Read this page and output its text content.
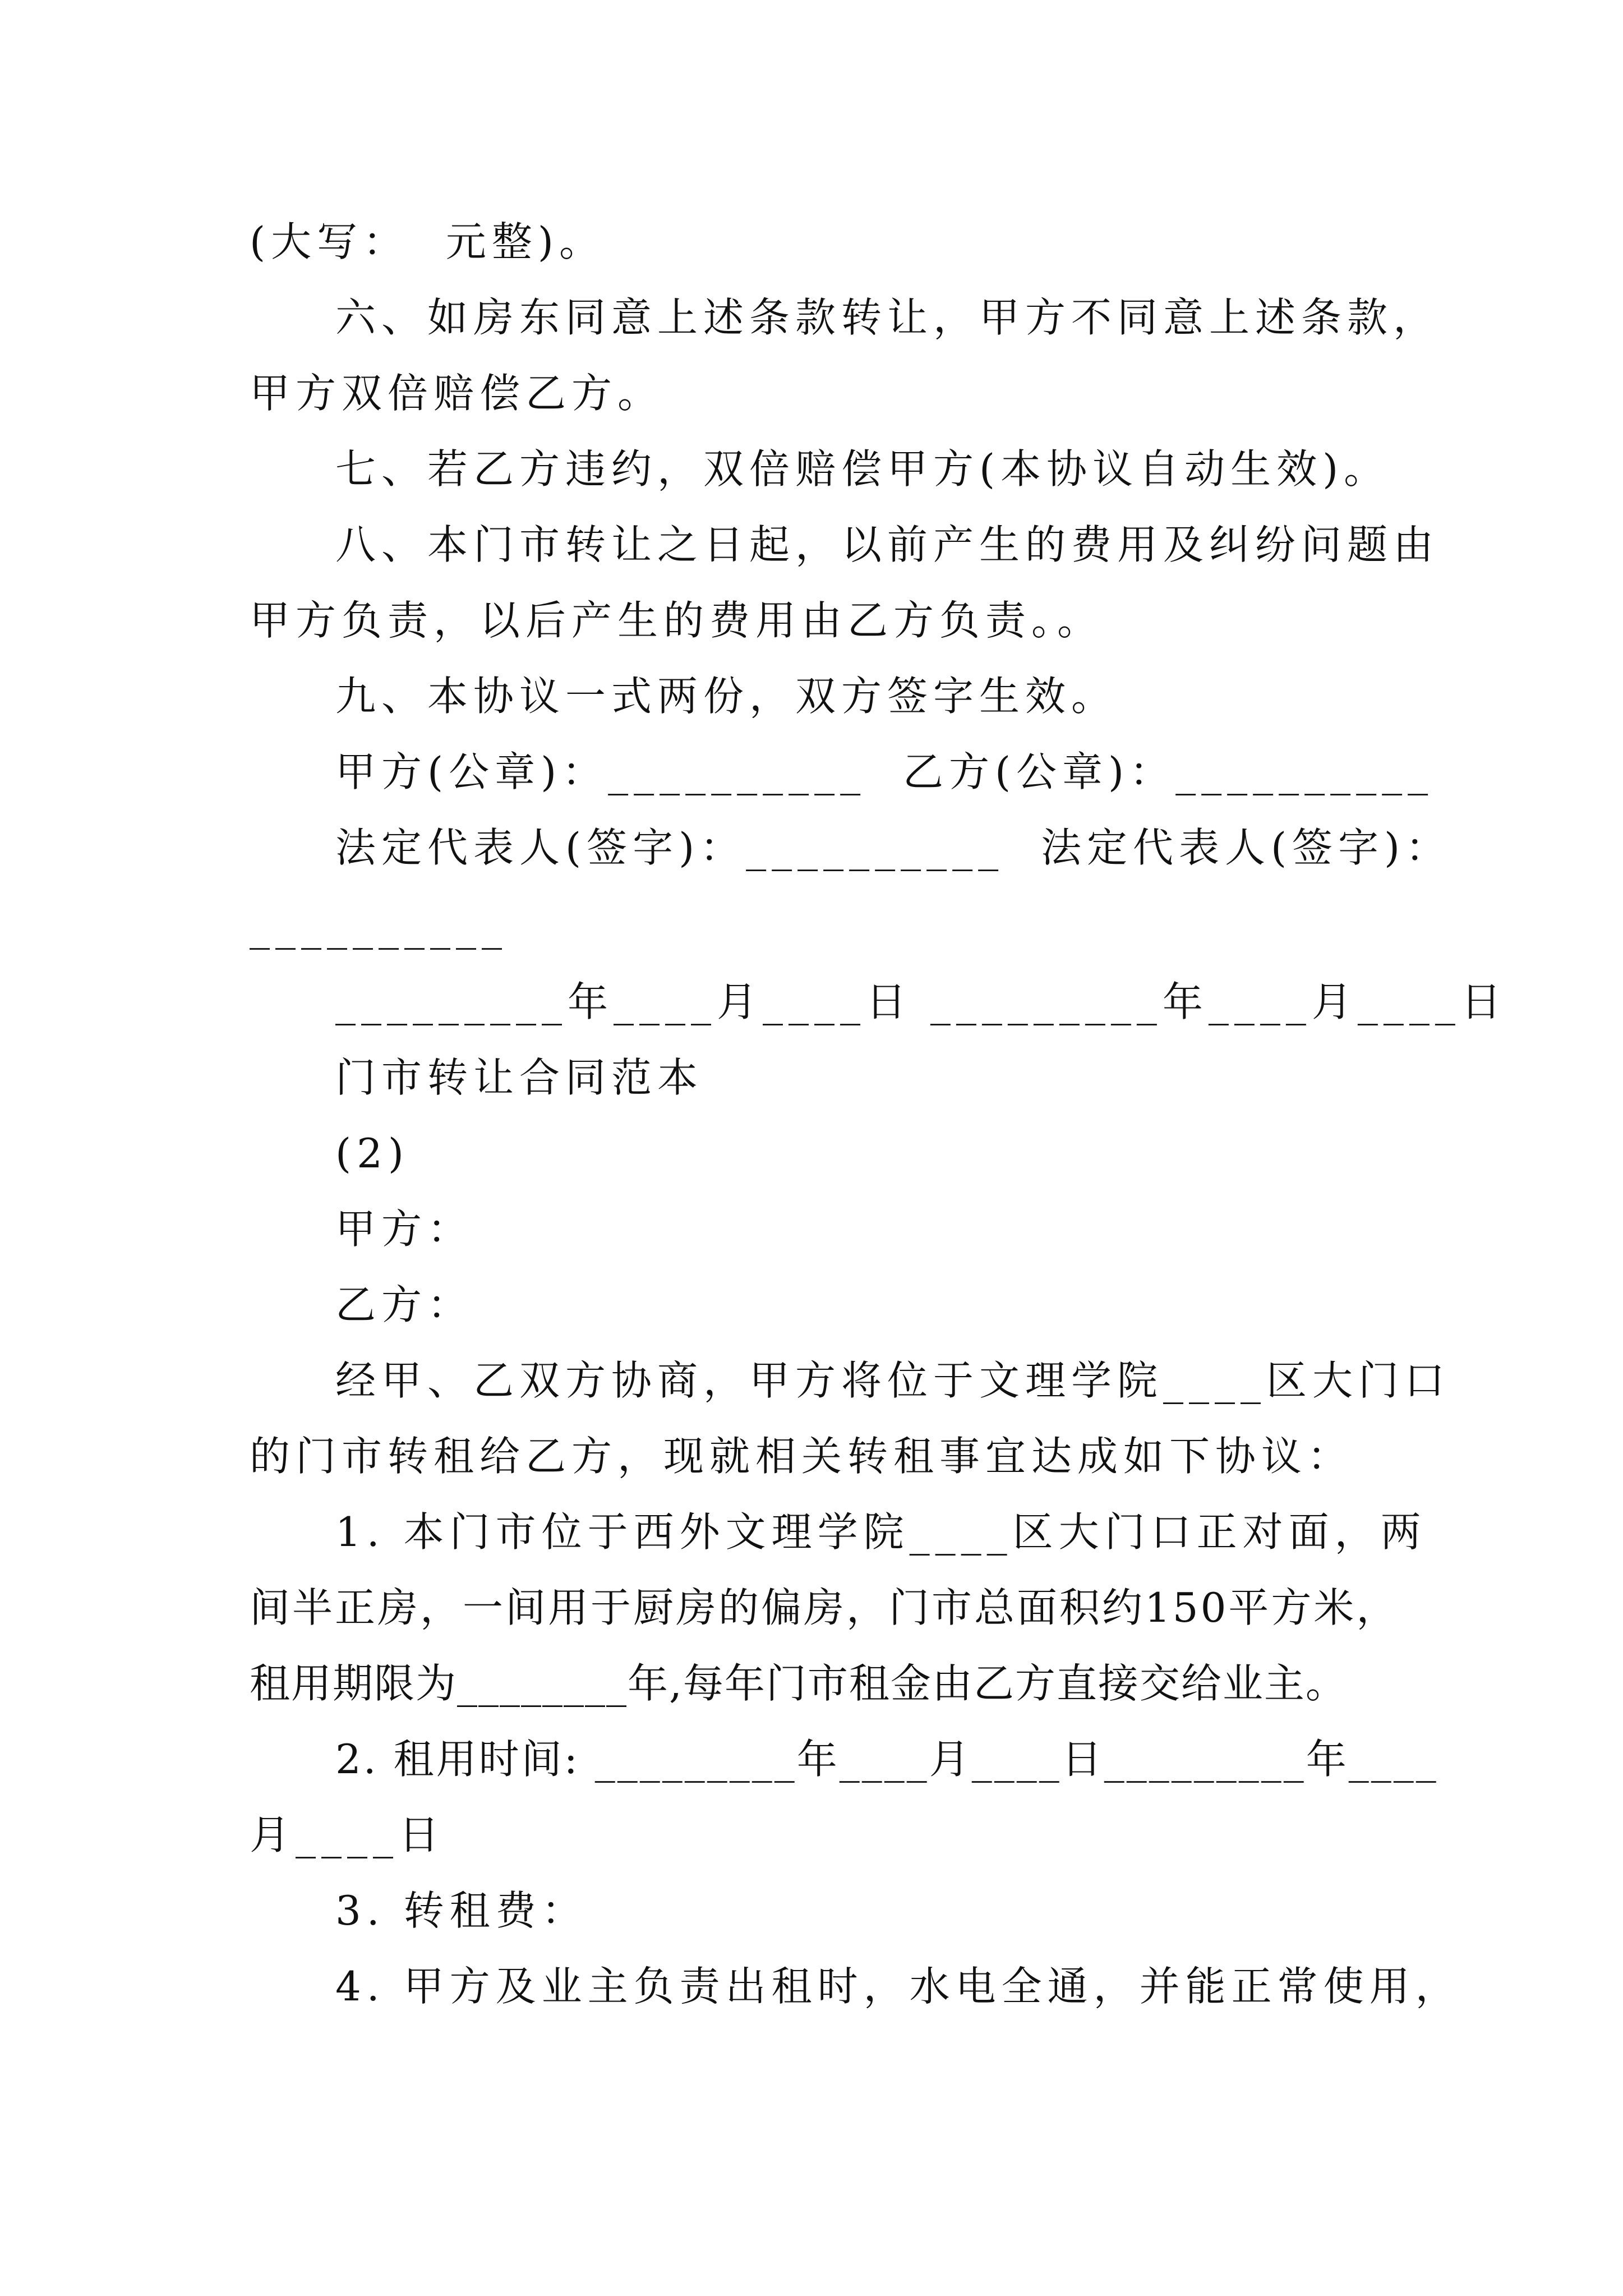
(大写：  元整)。
六、如房东同意上述条款转让，甲方不同意上述条款，
甲方双倍赔偿乙方。
七、若乙方违约，双倍赔偿甲方(本协议自动生效)。
八、本门市转让之日起，以前产生的费用及纠纷问题由
甲方负责，以后产生的费用由乙方负责。。
九、本协议一式两份，双方签字生效。
甲方(公章)：__________  乙方(公章)：__________
法定代表人(签字)：__________  法定代表人(签字)：
__________
_________年____月____日 _________年____月____日
门市转让合同范本
(2)
甲方：
乙方：
经甲、乙双方协商，甲方将位于文理学院____区大门口
的门市转租给乙方，现就相关转租事宜达成如下协议：
1. 本门市位于西外文理学院____区大门口正对面，两
间半正房，一间用于厨房的偏房，门市总面积约150平方米，
租用期限为________年,每年门市租金由乙方直接交给业主。
2. 租用时间: _________年____月____日_________年____
月____日
3. 转租费：
4. 甲方及业主负责出租时，水电全通，并能正常使用，
